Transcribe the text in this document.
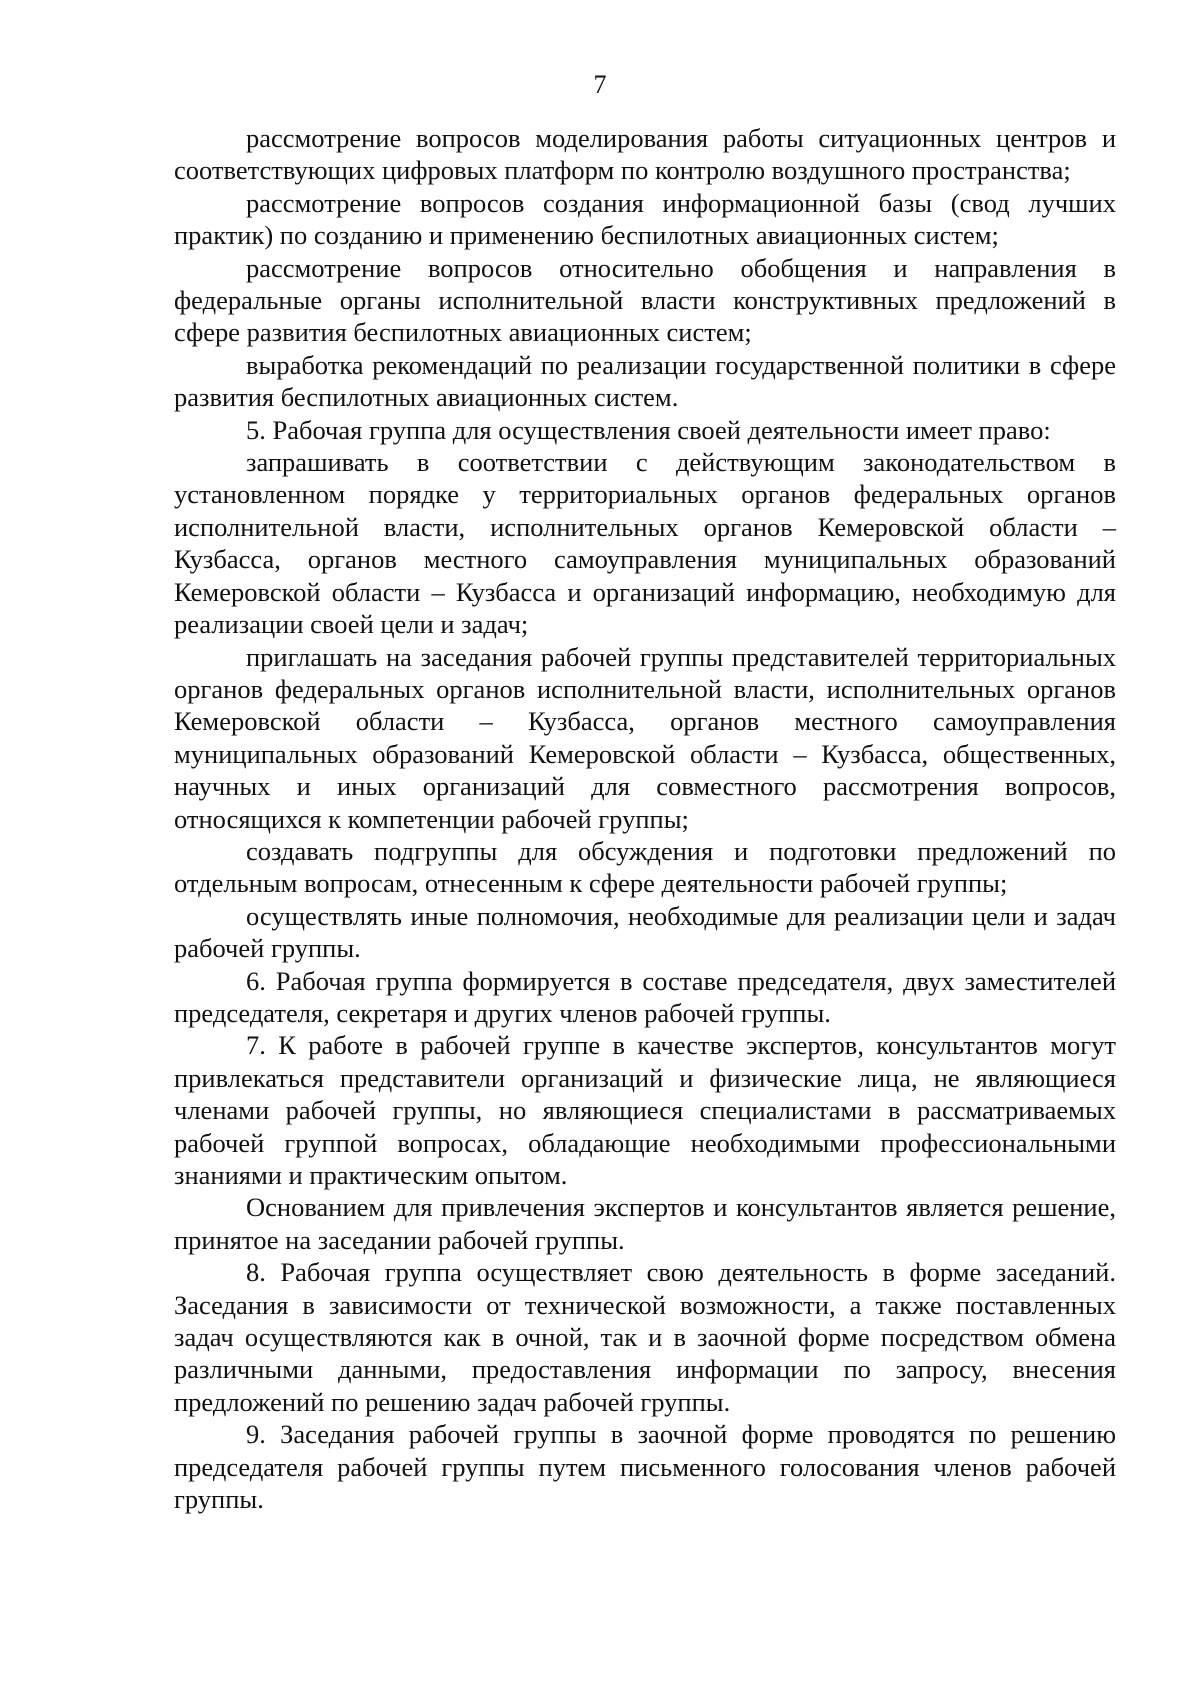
7

рассмотрение вопросов моделирования работы ситуационных центров и соответствующих цифровых платформ по контролю воздушного пространства;

рассмотрение вопросов создания информационной базы (свод лучших практик) по созданию и применению беспилотных авиационных систем;

рассмотрение вопросов относительно обобщения и направления в федеральные органы исполнительной власти конструктивных предложений в сфере развития беспилотных авиационных систем;

выработка рекомендаций по реализации государственной политики в сфере развития беспилотных авиационных систем.

5. Рабочая группа для осуществления своей деятельности имеет право:

запрашивать в соответствии с действующим законодательством в установленном порядке у территориальных органов федеральных органов исполнительной власти, исполнительных органов Кемеровской области – Кузбасса, органов местного самоуправления муниципальных образований Кемеровской области – Кузбасса и организаций информацию, необходимую для реализации своей цели и задач;

приглашать на заседания рабочей группы представителей территориальных органов федеральных органов исполнительной власти, исполнительных органов Кемеровской области – Кузбасса, органов местного самоуправления муниципальных образований Кемеровской области – Кузбасса, общественных, научных и иных организаций для совместного рассмотрения вопросов, относящихся к компетенции рабочей группы;

создавать подгруппы для обсуждения и подготовки предложений по отдельным вопросам, отнесенным к сфере деятельности рабочей группы;

осуществлять иные полномочия, необходимые для реализации цели и задач рабочей группы.

6. Рабочая группа формируется в составе председателя, двух заместителей председателя, секретаря и других членов рабочей группы.

7. К работе в рабочей группе в качестве экспертов, консультантов могут привлекаться представители организаций и физические лица, не являющиеся членами рабочей группы, но являющиеся специалистами в рассматриваемых рабочей группой вопросах, обладающие необходимыми профессиональными знаниями и практическим опытом.

Основанием для привлечения экспертов и консультантов является решение, принятое на заседании рабочей группы.

8. Рабочая группа осуществляет свою деятельность в форме заседаний. Заседания в зависимости от технической возможности, а также поставленных задач осуществляются как в очной, так и в заочной форме посредством обмена различными данными, предоставления информации по запросу, внесения предложений по решению задач рабочей группы.

9. Заседания рабочей группы в заочной форме проводятся по решению председателя рабочей группы путем письменного голосования членов рабочей группы.
